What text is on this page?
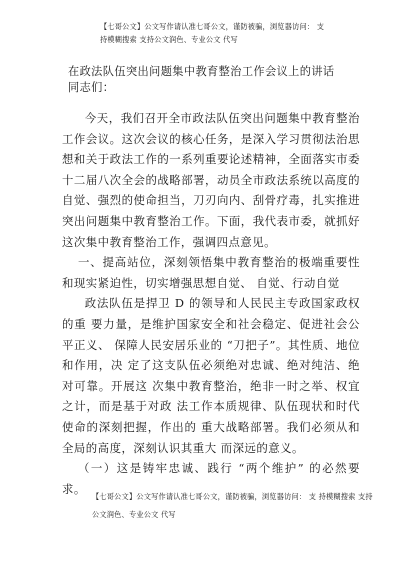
【七哥公文】公文写作请认准七哥公文，谨防被骗，浏览器访问： 支
持模糊搜索 支持公文润色、专业公文 代写
在政法队伍突出问题集中教育整治工作会议上的讲话
同志们：

今天，我们召开全市政法队伍突出问题集中教育整治工作会议。这次会议的核心任务，是深入学习贯彻法治思想和关于政法工作的一系列重要论述精神，全面落实市委十二届八次全会的战略部署，动员全市政法系统以高度的自觉、强烈的使命担当，刀刃向内、刮骨疗毒，扎实推进突出问题集中教育整治工作。下面，我代表市委，就抓好这次集中教育整治工作，强调四点意见。

一、提高站位，深刻领悟集中教育整治的极端重要性和现实紧迫性，切实增强思想自觉、 自觉、行动自觉

政法队伍是捍卫 D 的领导和人民民主专政国家政权的重 要力量，是维护国家安全和社会稳定、促进社会公平正义、 保障人民安居乐业的 “刀把子”。其性质、地位和作用，决 定了这支队伍必须绝对忠诚、绝对纯洁、绝对可靠。开展这 次集中教育整治，绝非一时之举、权宜之计，而是基于对政 法工作本质规律、队伍现状和时代使命的深刻把握，作出的 重大战略部署。我们必须从和全局的高度，深刻认识其重大 而深远的意义。

（一）这是铸牢忠诚、践行 “两个维护” 的必然要求。

【七哥公文】公文写作请认准七哥公文，谨防被骗，浏览器访问： 支 持模糊搜索 支持
公文润色、专业公文 代写
